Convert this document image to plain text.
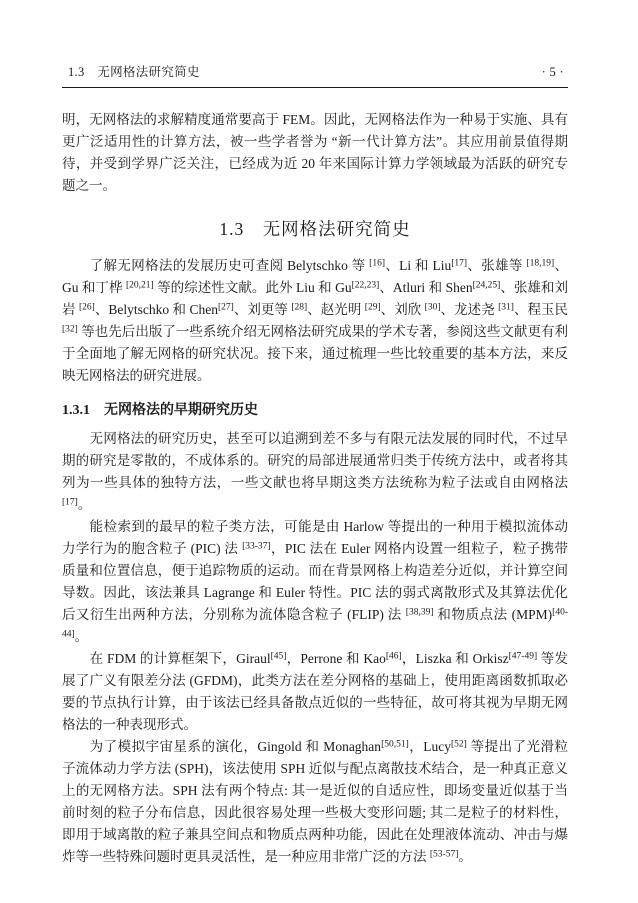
1.3 无网格法研究简史	· 5 ·

明，无网格法的求解精度通常要高于 FEM。因此，无网格法作为一种易于实施、具有更广泛适用性的计算方法，被一些学者誉为 “新一代计算方法”。其应用前景值得期待，并受到学界广泛关注，已经成为近 20 年来国际计算力学领域最为活跃的研究专题之一。

1.3 无网格法研究简史

了解无网格法的发展历史可查阅 Belytschko 等 [16]、Li 和 Liu[17]、张雄等 [18,19]、Gu 和丁桦 [20,21] 等的综述性文献。此外 Liu 和 Gu[22,23]、Atluri 和 Shen[24,25]、张雄和刘岩 [26]、Belytschko 和 Chen[27]、刘更等 [28]、赵光明 [29]、刘欣 [30]、龙述尧 [31]、程玉民 [32] 等也先后出版了一些系统介绍无网格法研究成果的学术专著，参阅这些文献更有利于全面地了解无网格的研究状况。接下来，通过梳理一些比较重要的基本方法，来反映无网格法的研究进展。

1.3.1 无网格法的早期研究历史

无网格法的研究历史，甚至可以追溯到差不多与有限元法发展的同时代，不过早期的研究是零散的，不成体系的。研究的局部进展通常归类于传统方法中，或者将其列为一些具体的独特方法，一些文献也将早期这类方法统称为粒子法或自由网格法 [17]。

能检索到的最早的粒子类方法，可能是由 Harlow 等提出的一种用于模拟流体动力学行为的胞含粒子 (PIC) 法 [33-37]，PIC 法在 Euler 网格内设置一组粒子，粒子携带质量和位置信息，便于追踪物质的运动。而在背景网格上构造差分近似，并计算空间导数。因此，该法兼具 Lagrange 和 Euler 特性。PIC 法的弱式离散形式及其算法优化后又衍生出两种方法，分别称为流体隐含粒子 (FLIP) 法 [38,39] 和物质点法 (MPM)[40-44]。

在 FDM 的计算框架下，Giraul[45]，Perrone 和 Kao[46]，Liszka 和 Orkisz[47-49] 等发展了广义有限差分法 (GFDM)，此类方法在差分网格的基础上，使用距离函数抓取必要的节点执行计算，由于该法已经具备散点近似的一些特征，故可将其视为早期无网格法的一种表现形式。

为了模拟宇宙星系的演化，Gingold 和 Monaghan[50,51]，Lucy[52] 等提出了光滑粒子流体动力学方法 (SPH)，该法使用 SPH 近似与配点离散技术结合，是一种真正意义上的无网格方法。SPH 法有两个特点: 其一是近似的自适应性，即场变量近似基于当前时刻的粒子分布信息，因此很容易处理一些极大变形问题; 其二是粒子的材料性，即用于域离散的粒子兼具空间点和物质点两种功能，因此在处理液体流动、冲击与爆炸等一些特殊问题时更具灵活性，是一种应用非常广泛的方法 [53-57]。
